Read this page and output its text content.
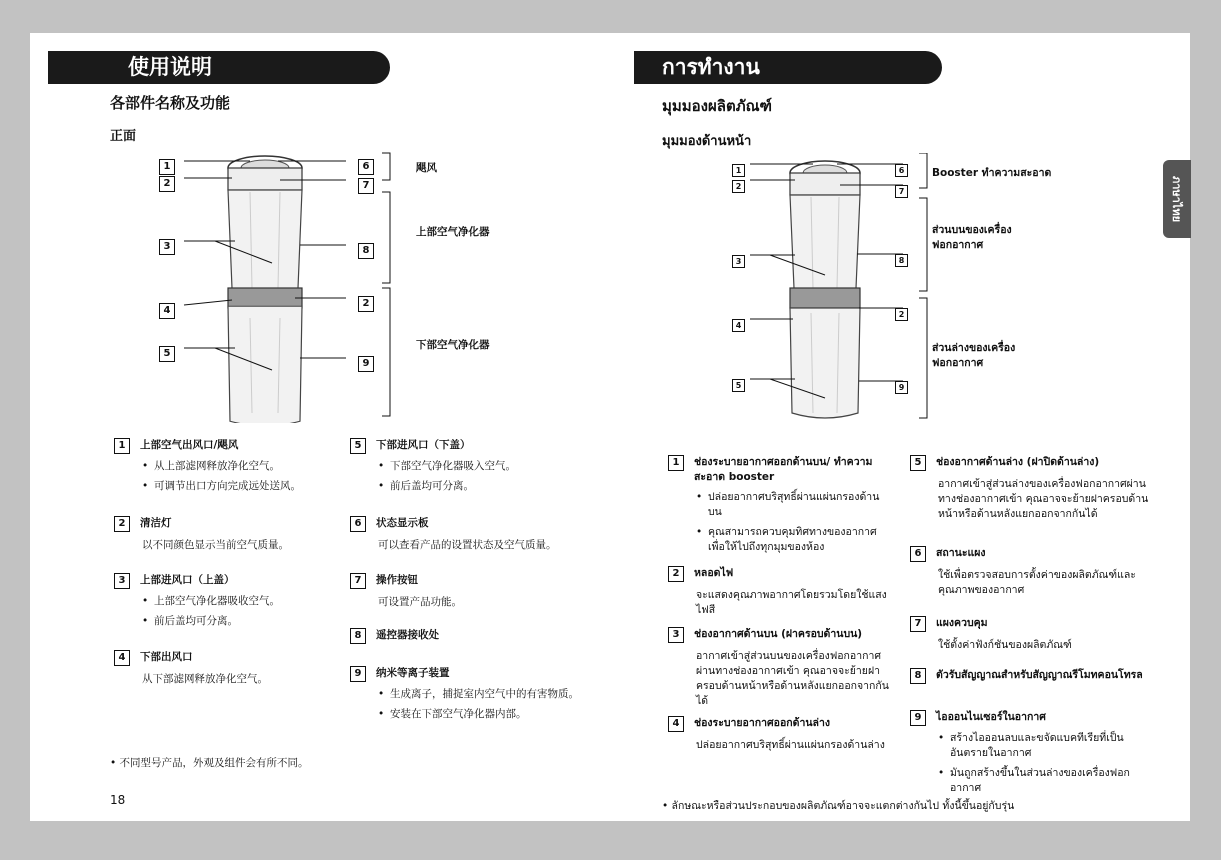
使用说明
各部件名称及功能
正面
1
2
3
4
5
6
7
8
2
9
飓风
上部空气净化器
下部空气净化器
1	上部空气出风口/飓风
• 从上部滤网释放净化空气。
• 可调节出口方向完成远处送风。
2	清洁灯
以不同颜色显示当前空气质量。
3	上部进风口（上盖）
• 上部空气净化器吸收空气。
• 前后盖均可分离。
4	下部出风口
从下部滤网释放净化空气。
5	下部进风口（下盖）
• 下部空气净化器吸入空气。
• 前后盖均可分离。
6	状态显示板
可以查看产品的设置状态及空气质量。
7	操作按钮
可设置产品功能。
8	遥控器接收处
9	纳米等离子装置
• 生成离子，捕捉室内空气中的有害物质。
• 安装在下部空气净化器内部。
• 不同型号产品，外观及组件会有所不同。
18
การทำงาน
มุมมองผลิตภัณฑ์
มุมมองด้านหน้า
1
2
3
4
5
6
7
8
2
9
Booster ทำความสะอาด
ส่วนบนของเครื่อง ฟอกอากาศ
ส่วนล่างของเครื่อง ฟอกอากาศ
1	ช่องระบายอากาศออกด้านบน/ ทำความสะอาด booster
• ปล่อยอากาศบริสุทธิ์ผ่านแผ่นกรองด้านบน
• คุณสามารถควบคุมทิศทางของอากาศเพื่อให้ไปถึงทุกมุมของห้อง
2	หลอดไฟ
จะแสดงคุณภาพอากาศโดยรวมโดยใช้แสงไฟสี
3	ช่องอากาศด้านบน (ฝาครอบด้านบน)
อากาศเข้าสู่ส่วนบนของเครื่องฟอกอากาศผ่านทางช่องอากาศเข้า คุณอาจจะย้ายฝาครอบด้านหน้าหรือด้านหลังแยกออกจากกันได้
4	ช่องระบายอากาศออกด้านล่าง
ปล่อยอากาศบริสุทธิ์ผ่านแผ่นกรองด้านล่าง
5	ช่องอากาศด้านล่าง (ฝาปิดด้านล่าง)
อากาศเข้าสู่ส่วนล่างของเครื่องฟอกอากาศผ่านทางช่องอากาศเข้า คุณอาจจะย้ายฝาครอบด้านหน้าหรือด้านหลังแยกออกจากกันได้
6	สถานะแผง
ใช้เพื่อตรวจสอบการตั้งค่าของผลิตภัณฑ์และคุณภาพของอากาศ
7	แผงควบคุม
ใช้ตั้งค่าฟังก์ชันของผลิตภัณฑ์
8	ตัวรับสัญญาณสำหรับสัญญาณรีโมทคอนโทรล
9	ไอออนไนเซอร์ในอากาศ
• สร้างไอออนลบและขจัดแบคทีเรียที่เป็นอันตรายในอากาศ
• มันถูกสร้างขึ้นในส่วนล่างของเครื่องฟอกอากาศ
• ลักษณะหรือส่วนประกอบของผลิตภัณฑ์อาจจะแตกต่างกันไป ทั้งนี้ขึ้นอยู่กับรุ่น
ภาษาไทย
